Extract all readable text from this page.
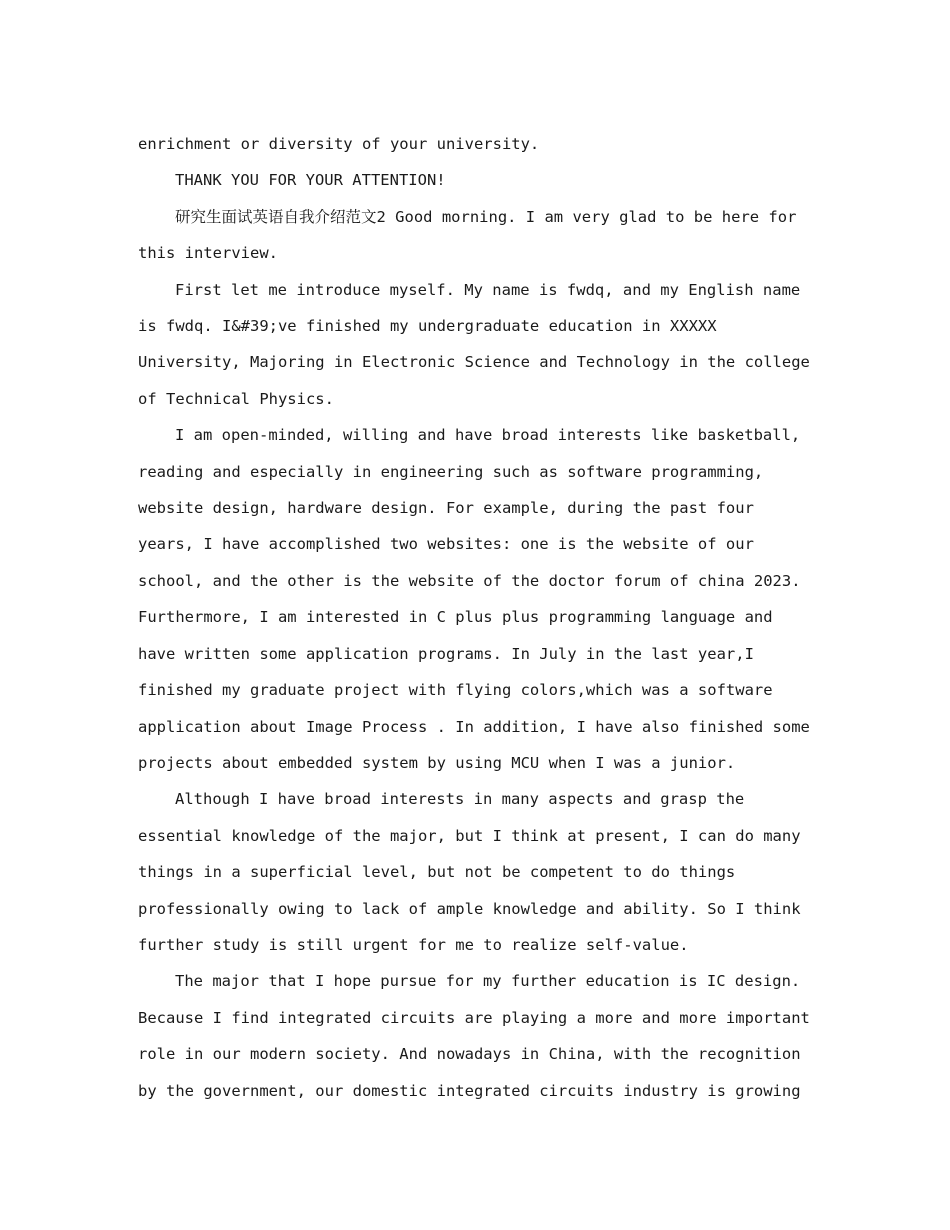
enrichment or diversity of your university.

THANK YOU FOR YOUR ATTENTION!

研究生面试英语自我介绍范文2 Good morning. I am very glad to be here for this interview.

First let me introduce myself. My name is fwdq, and my English name is fwdq. I&#39;ve finished my undergraduate education in XXXXX University, Majoring in Electronic Science and Technology in the college of Technical Physics.

I am open-minded, willing and have broad interests like basketball, reading and especially in engineering such as software programming, website design, hardware design. For example, during the past four years, I have accomplished two websites: one is the website of our school, and the other is the website of the doctor forum of china 2023. Furthermore, I am interested in C plus plus programming language and have written some application programs. In July in the last year,I finished my graduate project with flying colors,which was a software application about Image Process . In addition, I have also finished some projects about embedded system by using MCU when I was a junior.

Although I have broad interests in many aspects and grasp the essential knowledge of the major, but I think at present, I can do many things in a superficial level, but not be competent to do things professionally owing to lack of ample knowledge and ability. So I think further study is still urgent for me to realize self-value.

The major that I hope pursue for my further education is IC design. Because I find integrated circuits are playing a more and more important role in our modern society. And nowadays in China, with the recognition by the government, our domestic integrated circuits industry is growing
